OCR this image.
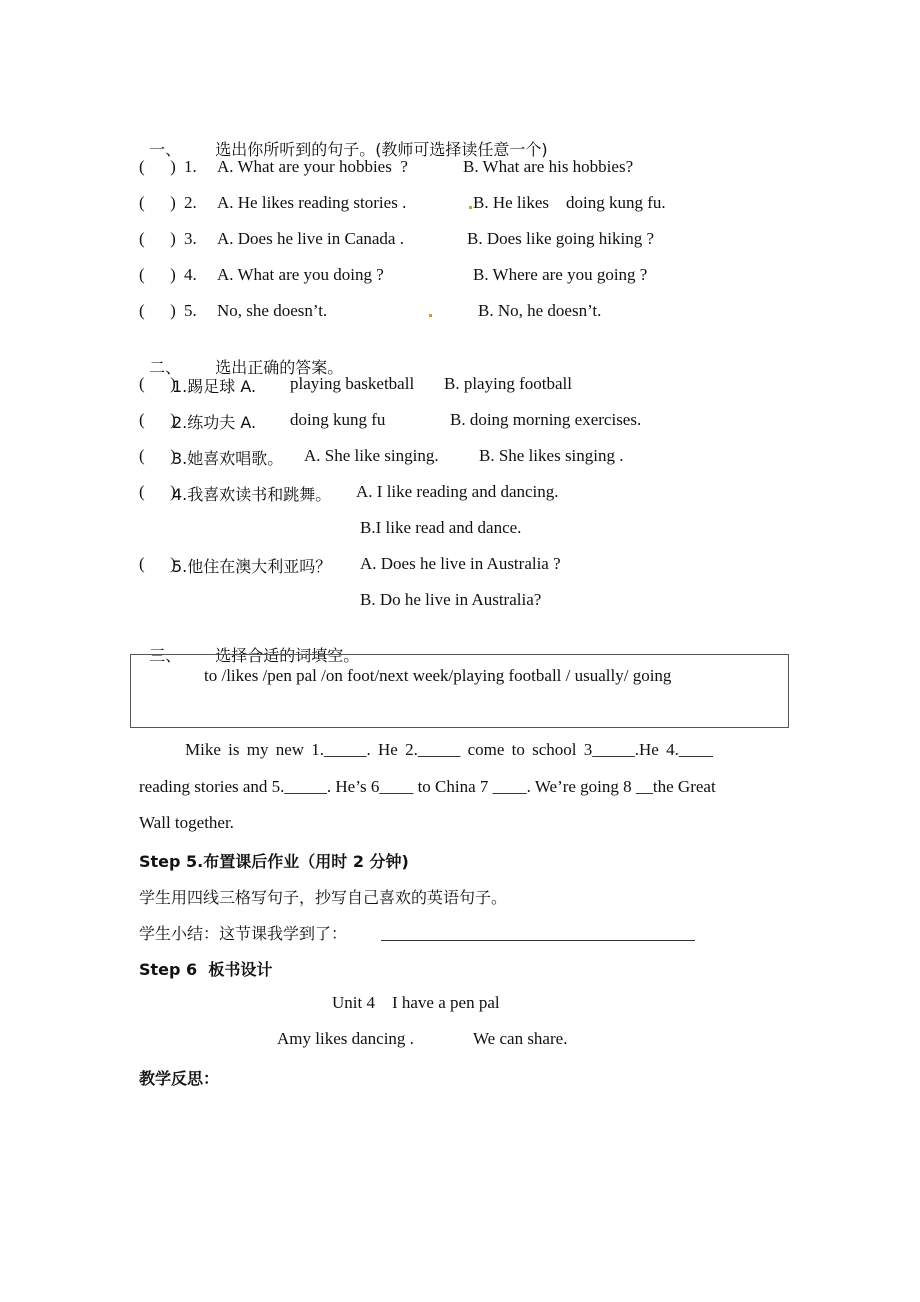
一、 选出你所听到的句子。(教师可选择读任意一个)

(      ) 1. A. What are your hobbies  ?	B. What are his hobbies?
(      ) 2. A. He likes reading stories .	B. He likes    doing kung fu.
(      ) 3. A. Does he live in Canada .	B. Does like going hiking ?
(      ) 4. A. What are you doing ?	B. Where are you going ?
(      ) 5. No, she doesn’t.	B. No, he doesn’t.

二、 选出正确的答案。

(      )
1.踢足球 A. playing basketball B. playing football
(      )
2.练功夫 A. doing kung fu	B. doing morning exercises.
(      )
3.她喜欢唱歌。 A. She like singing. B. She likes singing .
(      )
4.我喜欢读书和跳舞。 A. I like reading and dancing.
B.I like read and dance.
(      )
5.他住在澳大利亚吗？ A. Does he live in Australia ?
B. Do he live in Australia?

三、 选择合适的词填空。

to /likes /pen pal /on foot/next week/playing football / usually/ going
Mike is my new 1._____. He 2._____ come to school 3_____.He 4.____
reading stories and 5._____. He’s 6____ to China 7 ____. We’re going 8 __the Great
Wall together.
Step 5.布置课后作业（用时 2 分钟)
学生用四线三格写句子，抄写自己喜欢的英语句子。
学生小结：这节课我学到了：
Step 6  板书设计
Unit 4    I have a pen pal
Amy likes dancing .	We can share.
教学反思：
